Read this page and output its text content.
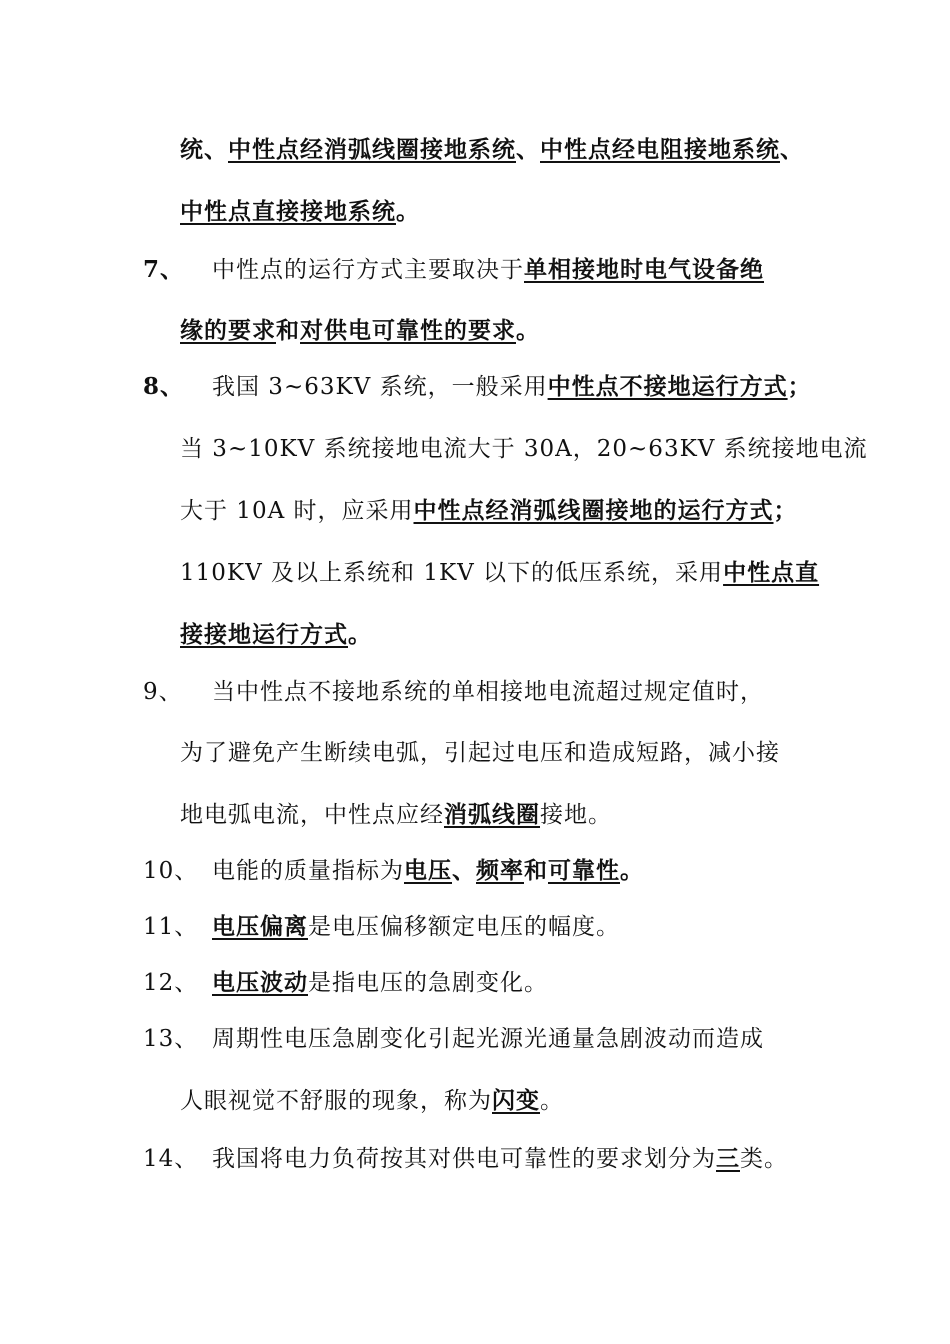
统、中性点经消弧线圈接地系统、中性点经电阻接地系统、
中性点直接接地系统。
7、 中性点的运行方式主要取决于单相接地时电气设备绝
缘的要求和对供电可靠性的要求。
8、 我国 3~63KV 系统，一般采用中性点不接地运行方式；
当 3~10KV 系统接地电流大于 30A，20~63KV 系统接地电流
大于 10A 时，应采用中性点经消弧线圈接地的运行方式；
110KV 及以上系统和 1KV 以下的低压系统，采用中性点直
接接地运行方式。
9、 当中性点不接地系统的单相接地电流超过规定值时，
为了避免产生断续电弧，引起过电压和造成短路，减小接
地电弧电流，中性点应经消弧线圈接地。
10、 电能的质量指标为电压、频率和可靠性。
11、 电压偏离是电压偏移额定电压的幅度。
12、 电压波动是指电压的急剧变化。
13、 周期性电压急剧变化引起光源光通量急剧波动而造成
人眼视觉不舒服的现象，称为闪变。
14、 我国将电力负荷按其对供电可靠性的要求划分为三类。
